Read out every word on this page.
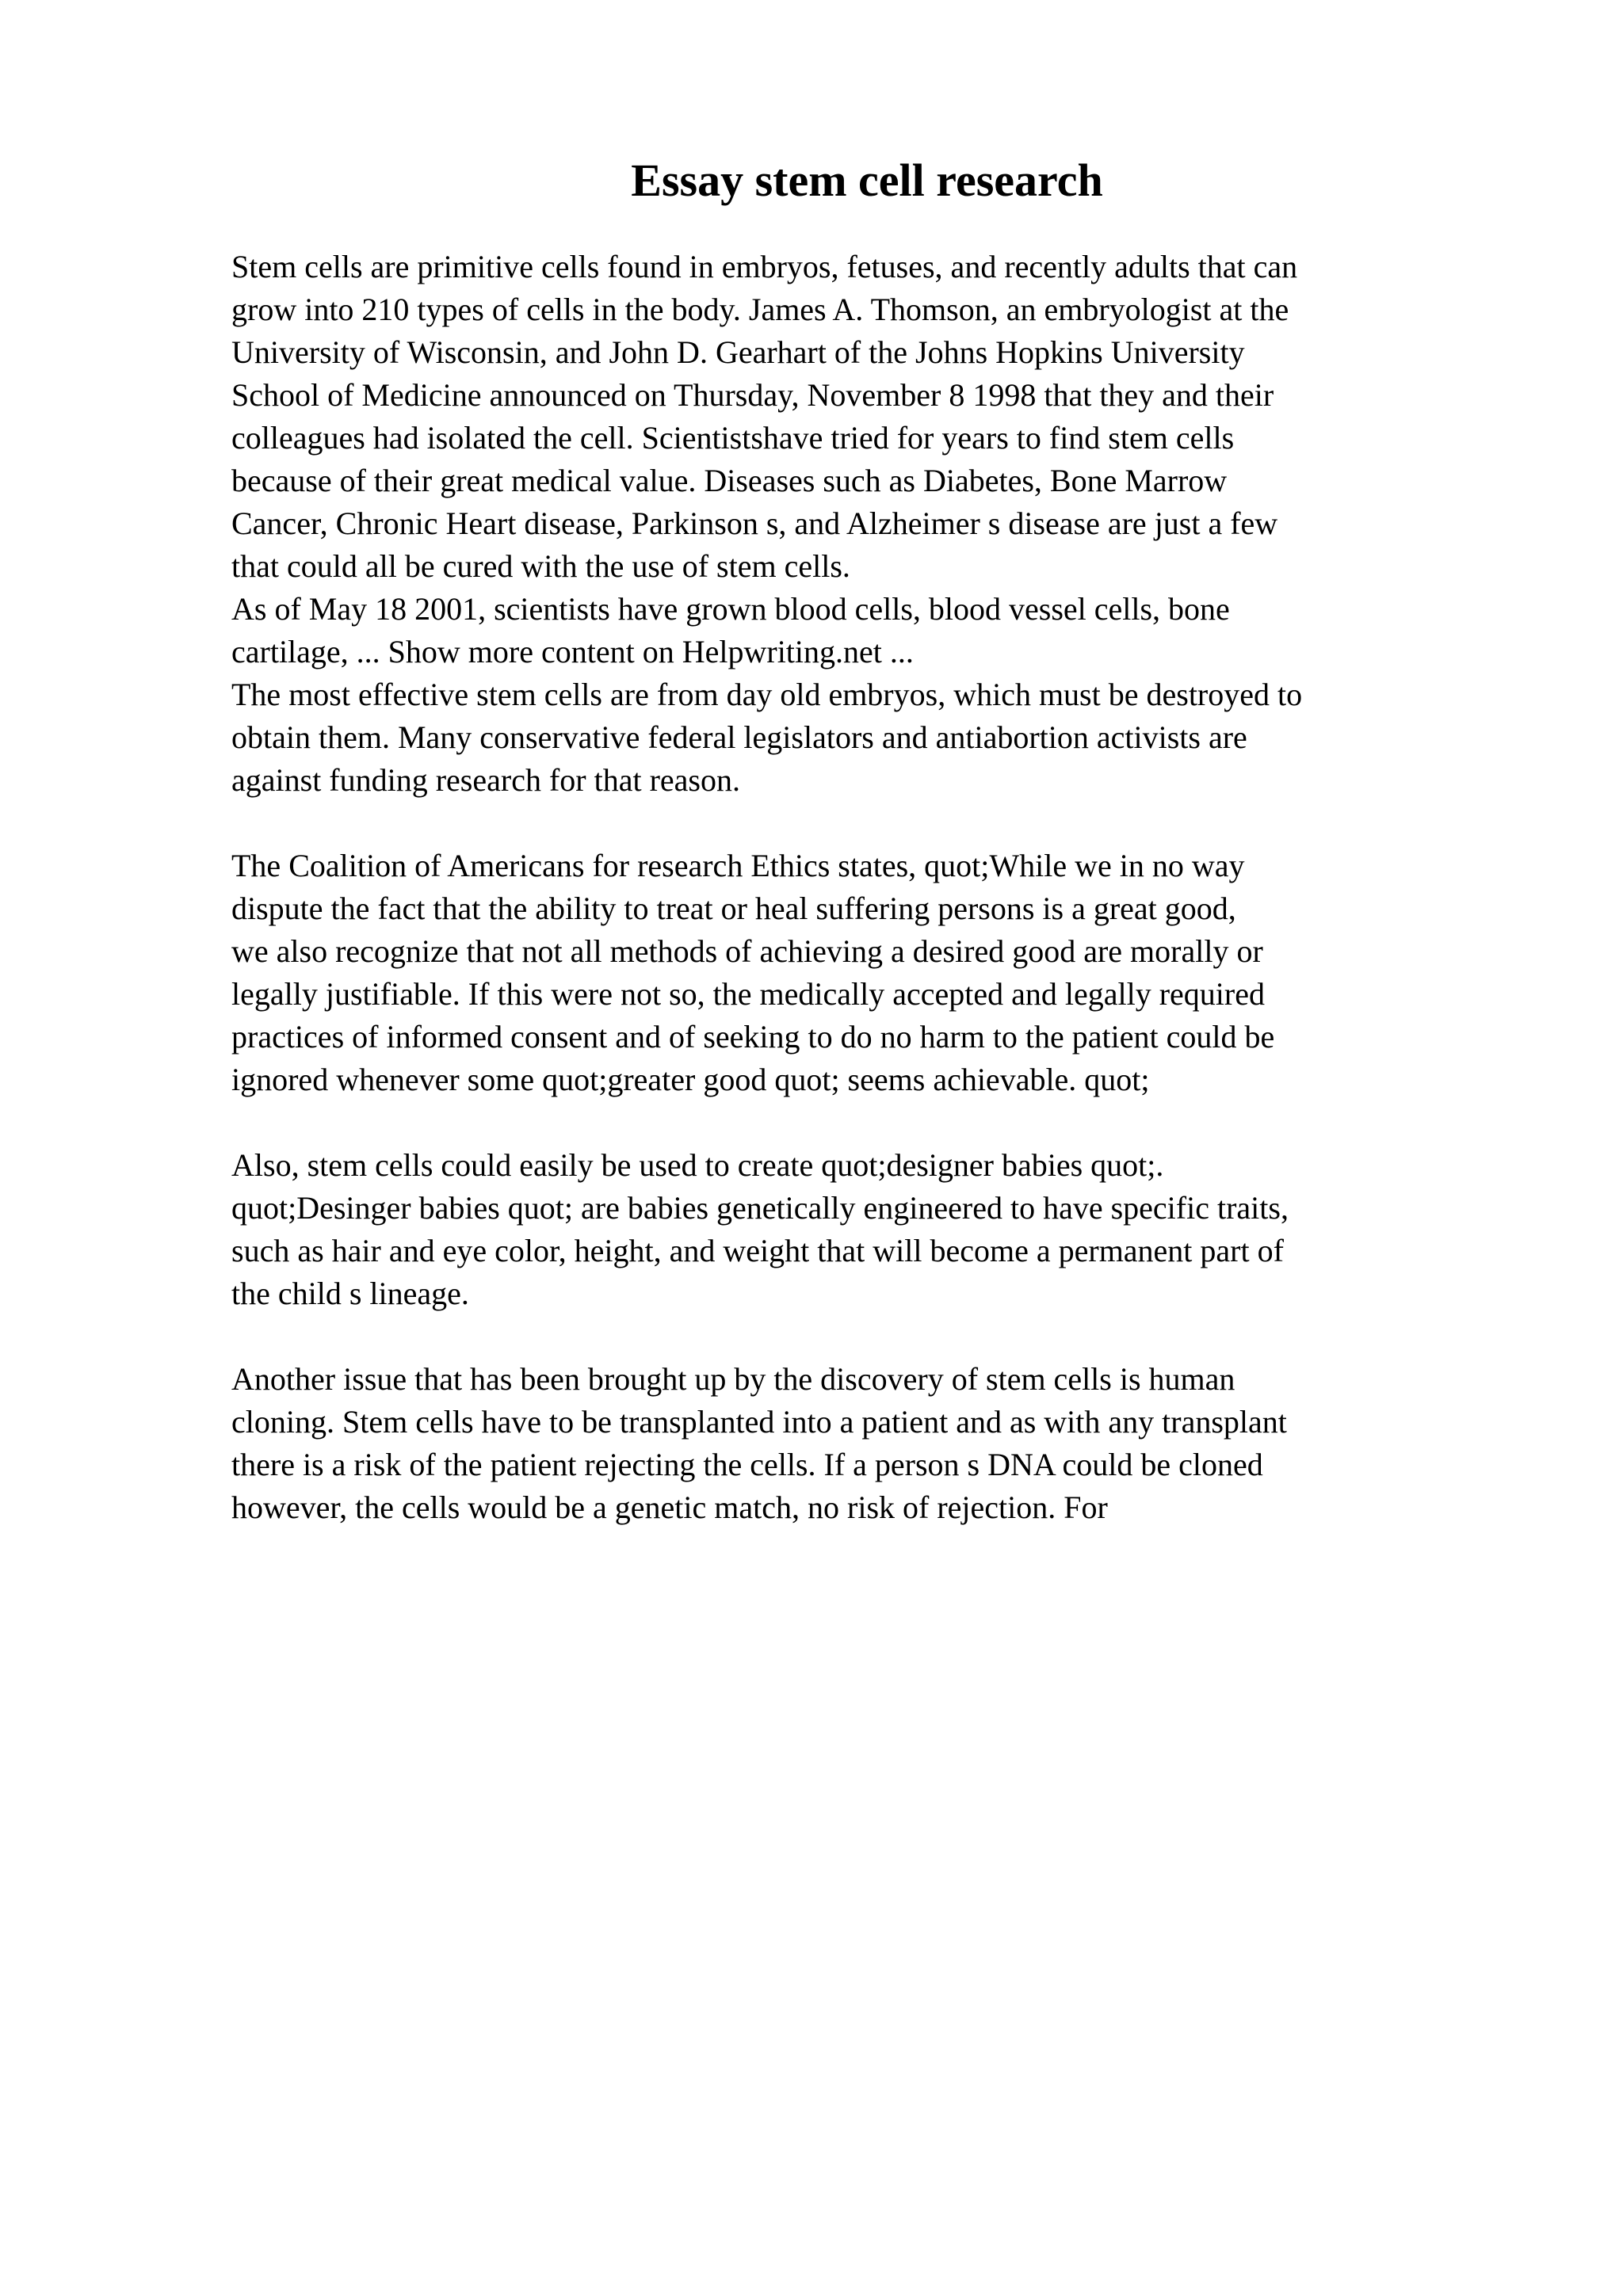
Essay stem cell research
Stem cells are primitive cells found in embryos, fetuses, and recently adults that can
grow into 210 types of cells in the body. James A. Thomson, an embryologist at the
University of Wisconsin, and John D. Gearhart of the Johns Hopkins University
School of Medicine announced on Thursday, November 8 1998 that they and their
colleagues had isolated the cell. Scientistshave tried for years to find stem cells
because of their great medical value. Diseases such as Diabetes, Bone Marrow
Cancer, Chronic Heart disease, Parkinson s, and Alzheimer s disease are just a few
that could all be cured with the use of stem cells.
As of May 18 2001, scientists have grown blood cells, blood vessel cells, bone
cartilage, ... Show more content on Helpwriting.net ...
The most effective stem cells are from day old embryos, which must be destroyed to
obtain them. Many conservative federal legislators and antiabortion activists are
against funding research for that reason.
The Coalition of Americans for research Ethics states, quot;While we in no way
dispute the fact that the ability to treat or heal suffering persons is a great good,
we also recognize that not all methods of achieving a desired good are morally or
legally justifiable. If this were not so, the medically accepted and legally required
practices of informed consent and of seeking to do no harm to the patient could be
ignored whenever some quot;greater good quot; seems achievable. quot;
Also, stem cells could easily be used to create quot;designer babies quot;.
quot;Desinger babies quot; are babies genetically engineered to have specific traits,
such as hair and eye color, height, and weight that will become a permanent part of
the child s lineage.
Another issue that has been brought up by the discovery of stem cells is human
cloning. Stem cells have to be transplanted into a patient and as with any transplant
there is a risk of the patient rejecting the cells. If a person s DNA could be cloned
however, the cells would be a genetic match, no risk of rejection. For
